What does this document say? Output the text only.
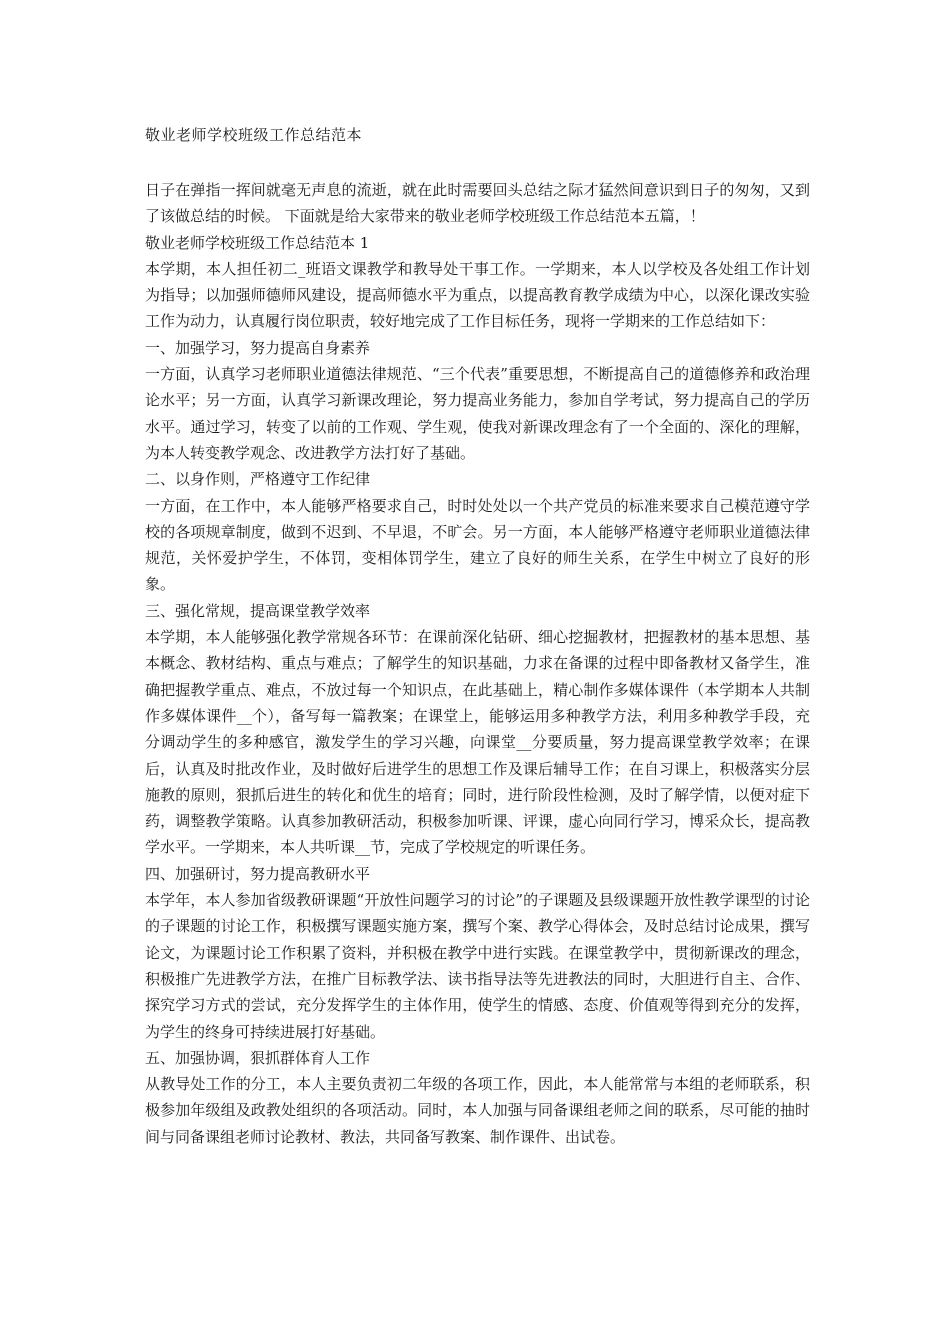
敬业老师学校班级工作总结范本

日子在弹指一挥间就毫无声息的流逝，就在此时需要回头总结之际才猛然间意识到日子的匆匆，又到了该做总结的时候。 下面就是给大家带来的敬业老师学校班级工作总结范本五篇，！

敬业老师学校班级工作总结范本 1

本学期，本人担任初二_班语文课教学和教导处干事工作。一学期来，本人以学校及各处组工作计划为指导；以加强师德师风建设，提高师德水平为重点，以提高教育教学成绩为中心，以深化课改实验工作为动力，认真履行岗位职责，较好地完成了工作目标任务，现将一学期来的工作总结如下：

一、加强学习，努力提高自身素养

一方面，认真学习老师职业道德法律规范、“三个代表”重要思想，不断提高自己的道德修养和政治理论水平；另一方面，认真学习新课改理论，努力提高业务能力，参加自学考试，努力提高自己的学历水平。通过学习，转变了以前的工作观、学生观，使我对新课改理念有了一个全面的、深化的理解，为本人转变教学观念、改进教学方法打好了基础。

二、以身作则，严格遵守工作纪律

一方面，在工作中，本人能够严格要求自己，时时处处以一个共产党员的标准来要求自己模范遵守学校的各项规章制度，做到不迟到、不早退，不旷会。另一方面，本人能够严格遵守老师职业道德法律规范，关怀爱护学生，不体罚，变相体罚学生，建立了良好的师生关系，在学生中树立了良好的形象。

三、强化常规，提高课堂教学效率

本学期，本人能够强化教学常规各环节：在课前深化钻研、细心挖掘教材，把握教材的基本思想、基本概念、教材结构、重点与难点；了解学生的知识基础，力求在备课的过程中即备教材又备学生，准确把握教学重点、难点，不放过每一个知识点，在此基础上，精心制作多媒体课件（本学期本人共制作多媒体课件__个），备写每一篇教案；在课堂上，能够运用多种教学方法，利用多种教学手段，充分调动学生的多种感官，激发学生的学习兴趣，向课堂__分要质量，努力提高课堂教学效率；在课后，认真及时批改作业，及时做好后进学生的思想工作及课后辅导工作；在自习课上，积极落实分层施教的原则，狠抓后进生的转化和优生的培育；同时，进行阶段性检测，及时了解学情，以便对症下药，调整教学策略。认真参加教研活动，积极参加听课、评课，虚心向同行学习，博采众长，提高教学水平。一学期来，本人共听课__节，完成了学校规定的听课任务。

四、加强研讨，努力提高教研水平

本学年，本人参加省级教研课题“开放性问题学习的讨论”的子课题及县级课题开放性教学课型的讨论的子课题的讨论工作，积极撰写课题实施方案，撰写个案、教学心得体会，及时总结讨论成果，撰写论文，为课题讨论工作积累了资料，并积极在教学中进行实践。在课堂教学中，贯彻新课改的理念，积极推广先进教学方法，在推广目标教学法、读书指导法等先进教法的同时，大胆进行自主、合作、探究学习方式的尝试，充分发挥学生的主体作用，使学生的情感、态度、价值观等得到充分的发挥，为学生的终身可持续进展打好基础。

五、加强协调，狠抓群体育人工作

从教导处工作的分工，本人主要负责初二年级的各项工作，因此，本人能常常与本组的老师联系，积极参加年级组及政教处组织的各项活动。同时，本人加强与同备课组老师之间的联系，尽可能的抽时间与同备课组老师讨论教材、教法，共同备写教案、制作课件、出试卷。
